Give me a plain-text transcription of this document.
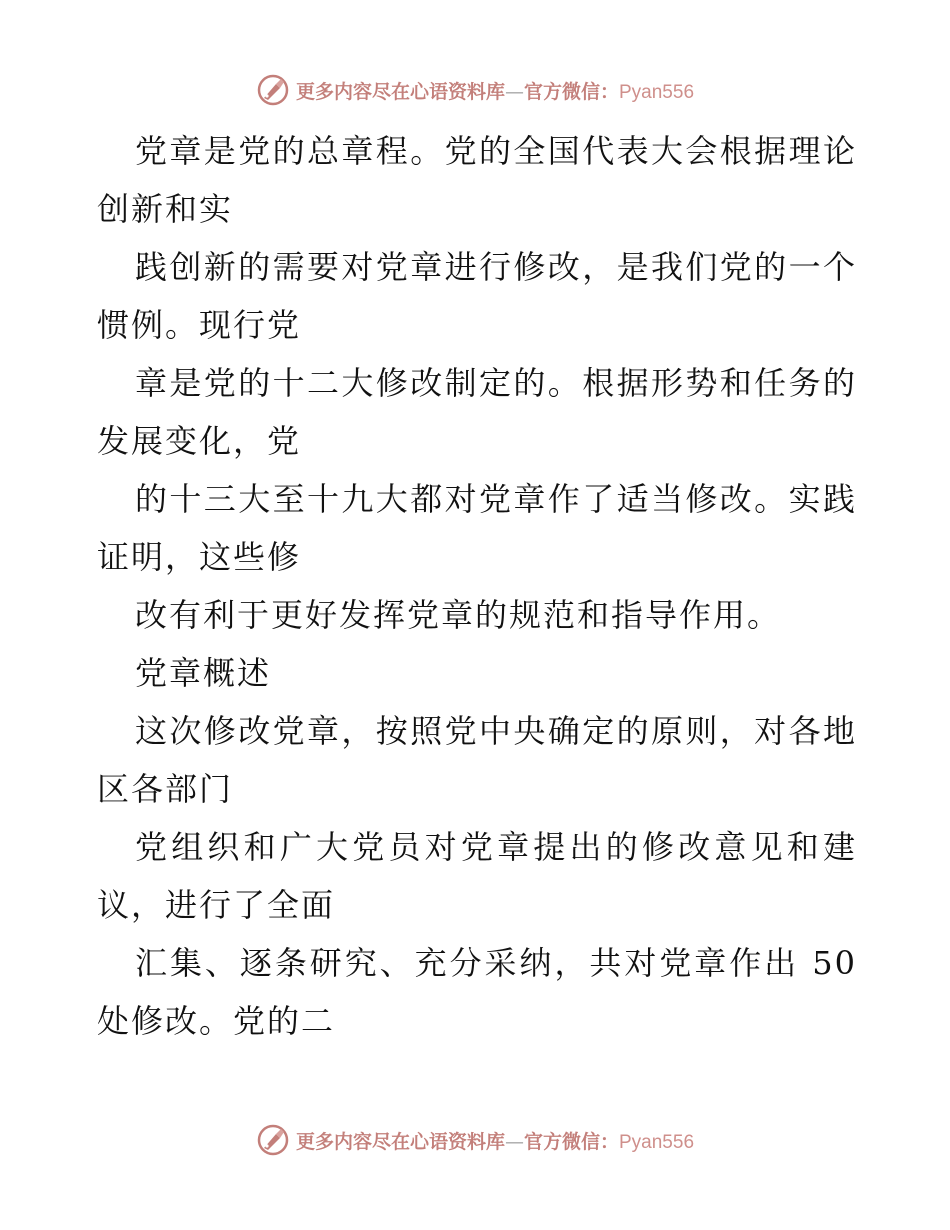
更多内容尽在心语资料库—官方微信：Pyan556

党章是党的总章程。党的全国代表大会根据理论创新和实

践创新的需要对党章进行修改，是我们党的一个惯例。现行党

章是党的十二大修改制定的。根据形势和任务的发展变化，党

的十三大至十九大都对党章作了适当修改。实践证明，这些修

改有利于更好发挥党章的规范和指导作用。

党章概述

这次修改党章，按照党中央确定的原则，对各地区各部门

党组织和广大党员对党章提出的修改意见和建议，进行了全面

汇集、逐条研究、充分采纳，共对党章作出 50 处修改。党的二

更多内容尽在心语资料库—官方微信：Pyan556
